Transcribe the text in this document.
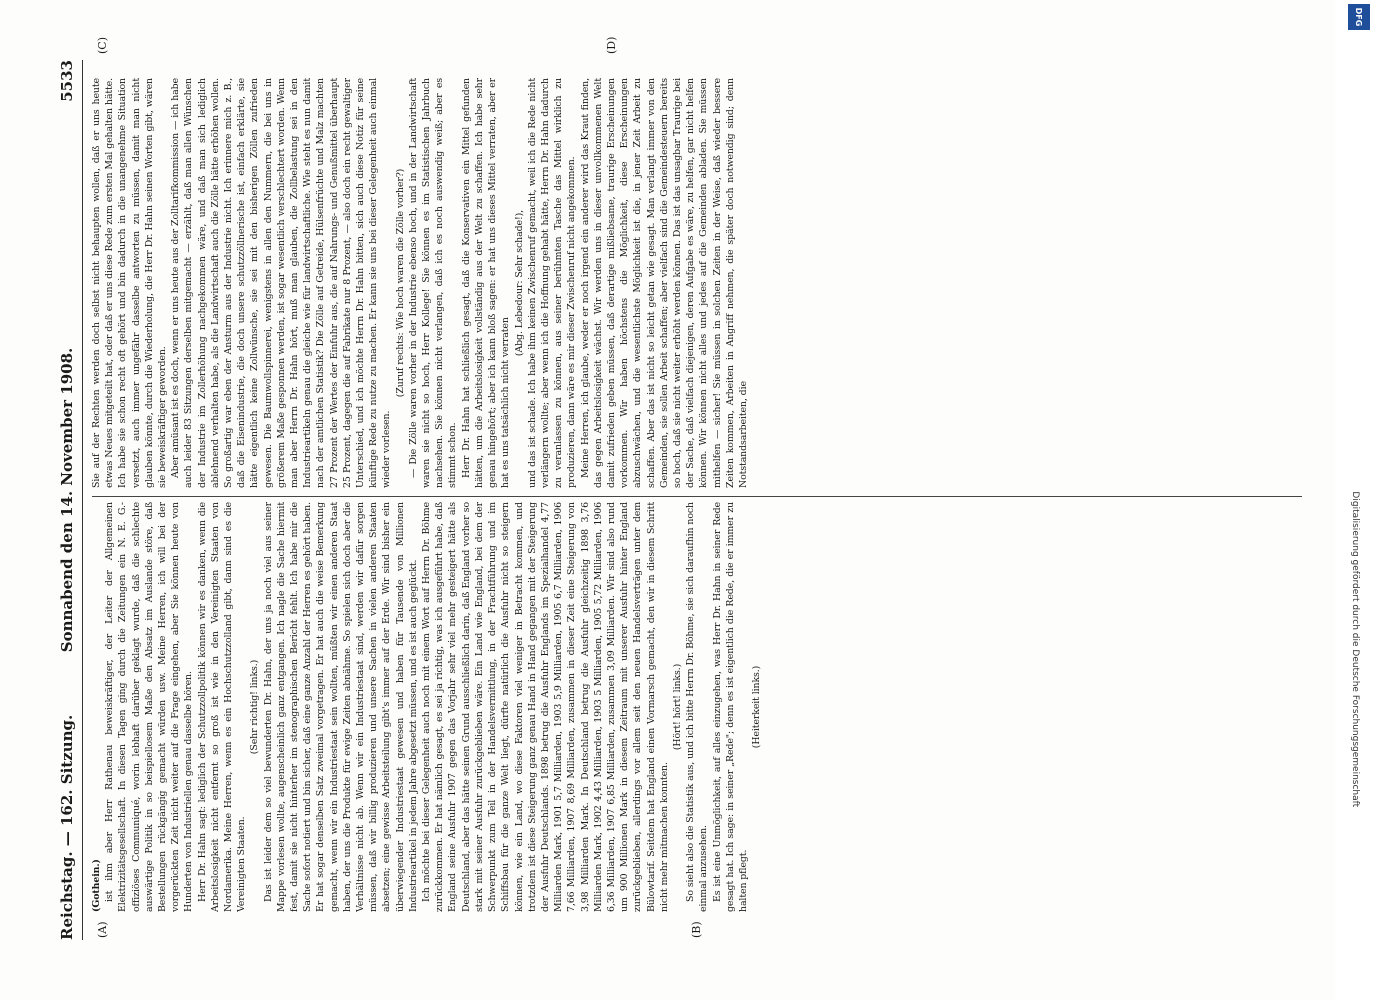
Reichstag. — 162. Sitzung.
Sonnabend den 14. November 1908.
5533
(A)	(B)
(C)	(D)

(Gothein.) ist ihm aber Herr Rathenau beweiskräftiger, der Leiter der Allgemeinen Elektrizitätsgesellschaft. In diesen Tagen ging durch die Zeitungen ein N. E. G.-offiziöses Communiqué, worin lebhaft darüber geklagt wurde, daß die schlechte auswärtige Politik in so beispiellosem Maße den Absatz im Auslande störe, daß Bestellungen rückgängig gemacht würden usw. Meine Herren, ich will bei der vorgerückten Zeit nicht weiter auf die Frage eingehen, aber Sie können heute von Hunderten von Industriellen genau dasselbe hören. Herr Dr. Hahn sagt: lediglich der Schutzzollpolitik können wir es danken, wenn die Arbeitslosigkeit nicht entfernt so groß ist wie in den Vereinigten Staaten von Nordamerika. Meine Herren, wenn es ein Hochschutzzolland gibt, dann sind es die Vereinigten Staaten.

(Sehr richtig! links.) Das ist leider dem so viel bewunderten Dr. Hahn, der uns ja noch viel aus seiner Mappe vorlesen wollte, augenscheinlich ganz entgangen. Ich nagle die Sache hiermit fest, damit sie nicht hinterher im stenographischen Bericht fehlt. Ich habe mir die Sache sofort notiert und bin sicher, daß eine ganze Anzahl der Herren es gehört haben. Er hat sogar denselben Satz zweimal vorgetragen. Er hat auch die weise Bemerkung gemacht, wenn wir ein Industriestaat sein wollten, müßten wir einen anderen Staat haben, der uns die Produkte für ewige Zeiten abnähme. So spielen sich doch aber die Verhältnisse nicht ab. Wenn wir ein Industriestaat sind, werden wir dafür sorgen müssen, daß wir billig produzieren und unsere Sachen in vielen anderen Staaten absetzen; eine gewisse Arbeitsteilung gibt's immer auf der Erde. Wir sind bisher ein überwiegender Industriestaat gewesen und haben für Tausende von Millionen Industrieartikel in jedem Jahre abgesetzt müssen, und es ist auch geglückt. Ich möchte bei dieser Gelegenheit auch noch mit einem Wort auf Herrn Dr. Böhme zurückkommen. Er hat nämlich gesagt, es sei ja richtig, was ich ausgeführt habe, daß England seine Ausfuhr 1907 gegen das Vorjahr sehr viel mehr gesteigert hätte als Deutschland, aber das hätte seinen Grund ausschließlich darin, daß England vorher so stark mit seiner Ausfuhr zurückgeblieben wäre. Ein Land wie England, bei dem der Schwerpunkt zum Teil in der Handelsvermittlung, in der Frachtführung und im Schiffsbau für die ganze Welt liegt, dürfte natürlich die Ausfuhr nicht so steigern können, wie ein Land, wo diese Faktoren viel weniger in Betracht kommen, und trotzdem ist diese Steigerung ganz genau Hand in Hand gegangen mit der Steigerung der Ausfuhr Deutschlands. 1898 betrug die Ausfuhr Englands im Spezialhandel 4,77 Milliarden Mark, 1901 5,7 Milliarden, 1903 5,9 Milliarden, 1905 6,7 Milliarden, 1906 7,66 Milliarden, 1907 8,69 Milliarden, zusammen in dieser Zeit eine Steigerung von 3,98 Milliarden Mark. In Deutschland betrug die Ausfuhr gleichzeitig 1898 3,76 Milliarden Mark, 1902 4,43 Milliarden, 1903 5 Milliarden, 1905 5,72 Milliarden, 1906 6,36 Milliarden, 1907 6,85 Milliarden, zusammen 3,09 Milliarden. Wir sind also rund um 900 Millionen Mark in diesem Zeitraum mit unserer Ausfuhr hinter England zurückgeblieben, allerdings vor allem seit den neuen Handelsverträgen unter dem Bülowtarif. Seitdem hat England einen Vormarsch gemacht, den wir in diesem Schritt nicht mehr mitmachen konnten.

(Hört! hört! links.) So sieht also die Statistik aus, und ich bitte Herrn Dr. Böhme, sie sich daraufhin noch einmal anzusehen. Es ist eine Unmöglichkeit, auf alles einzugehen, was Herr Dr. Hahn in seiner Rede gesagt hat. Ich sage: in seiner „Rede"; denn es ist eigentlich die Rede, die er immer zu halten pflegt.

(Heiterkeit links.)

Sie auf der Rechten werden doch selbst nicht behaupten wollen, daß er uns heute etwas Neues mitgeteilt hat, oder daß er uns diese Rede zum ersten Mal gehalten hätte. Ich habe sie schon recht oft gehört und bin dadurch in die unangenehme Situation versetzt, auch immer ungefähr dasselbe antworten zu müssen, damit man nicht glauben könnte, durch die Wiederholung, die Herr Dr. Hahn seinen Worten gibt, wären sie beweiskräftiger geworden. Aber amüsant ist es doch, wenn er uns heute aus der Zolltarifkommission — ich habe auch leider 83 Sitzungen derselben mitgemacht — erzählt, daß man allen Wünschen der Industrie im Zollerhöhung nachgekommen wäre, und daß man sich lediglich ablehnend verhalten habe, als die Landwirtschaft auch die Zölle hätte erhöhen wollen. So großartig war eben der Ansturm aus der Industrie nicht. Ich erinnere mich z. B., daß die Eisenindustrie, die doch unsere schutzzöllnerische ist, einfach erklärte, sie hätte eigentlich keine Zollwünsche, sie sei mit den bisherigen Zöllen zufrieden gewesen. Die Baumwollspinnerei, wenigstens in allen den Nummern, die bei uns in größerem Maße gesponnen werden, ist sogar wesentlich verschlechtert worden. Wenn man aber Herrn Dr. Hahn hört, muß man glauben, die Zollbelastung sei in den Industrieartikeln genau die gleiche wie für landwirtschaftliche. Wie steht es nun damit nach der amtlichen Statistik? Die Zölle auf Getreide, Hülsenfrüchte und Malz machten 27 Prozent der Wertes der Einfuhr aus, die auf Nahrungs- und Genußmittel überhaupt 25 Prozent, dagegen die auf Fabrikate nur 8 Prozent, — also doch ein recht gewaltiger Unterschied, und ich möchte Herrn Dr. Hahn bitten, sich auch diese Notiz für seine künftige Rede zu nutze zu machen. Er kann sie uns bei dieser Gelegenheit auch einmal wieder vorlesen.

(Zuruf rechts: Wie hoch waren die Zölle vorher?) — Die Zölle waren vorher in der Industrie ebenso hoch, und in der Landwirtschaft waren sie nicht so hoch, Herr Kollege! Sie können es im Statistischen Jahrbuch nachsehen. Sie können nicht verlangen, daß ich es noch auswendig weiß; aber es stimmt schon. Herr Dr. Hahn hat schließlich gesagt, daß die Konservativen ein Mittel gefunden hätten, um die Arbeitslosigkeit vollständig aus der Welt zu schaffen. Ich habe sehr genau hingehört; aber ich kann bloß sagen: er hat uns dieses Mittel verraten, aber er hat es uns tatsächlich nicht verraten

(Abg. Lebedour: Sehr schade!), und das ist schade. Ich habe ihm keinen Zwischenruf gemacht, weil ich die Rede nicht verlängern wollte; aber wenn ich die Hoffnung gehabt hätte, Herrn Dr. Hahn dadurch zu veranlassen zu können, aus seiner berühmten Tasche das Mittel wirklich zu produzieren, dann wäre es mir dieser Zwischenruf nicht angekommen. Meine Herren, ich glaube, weder er noch irgend ein anderer wird das Kraut finden, das gegen Arbeitslosigkeit wächst. Wir werden uns in dieser unvollkommenen Welt damit zufrieden geben müssen, daß derartige mißliebsame, traurige Erscheinungen vorkommen. Wir haben höchstens die Möglichkeit, diese Erscheinungen abzuschwächen, und die wesentlichste Möglichkeit ist die, in jener Zeit Arbeit zu schaffen. Aber das ist nicht so leicht getan wie gesagt. Man verlangt immer von den Gemeinden, sie sollen Arbeit schaffen; aber vielfach sind die Gemeindesteuern bereits so hoch, daß sie nicht weiter erhöht werden können. Das ist das unsagbar Traurige bei der Sache, daß vielfach diejenigen, deren Aufgabe es wäre, zu helfen, gar nicht helfen können. Wir können nicht alles und jedes auf die Gemeinden abladen. Sie müssen mithelfen — sicher! Sie müssen in solchen Zeiten in der Weise, daß wieder bessere Zeiten kommen, Arbeiten in Angriff nehmen, die später doch notwendig sind; denn Notstandsarbeiten, die

Digitalisierung gefördert durch die Deutsche Forschungsgemeinschaft
DFG
